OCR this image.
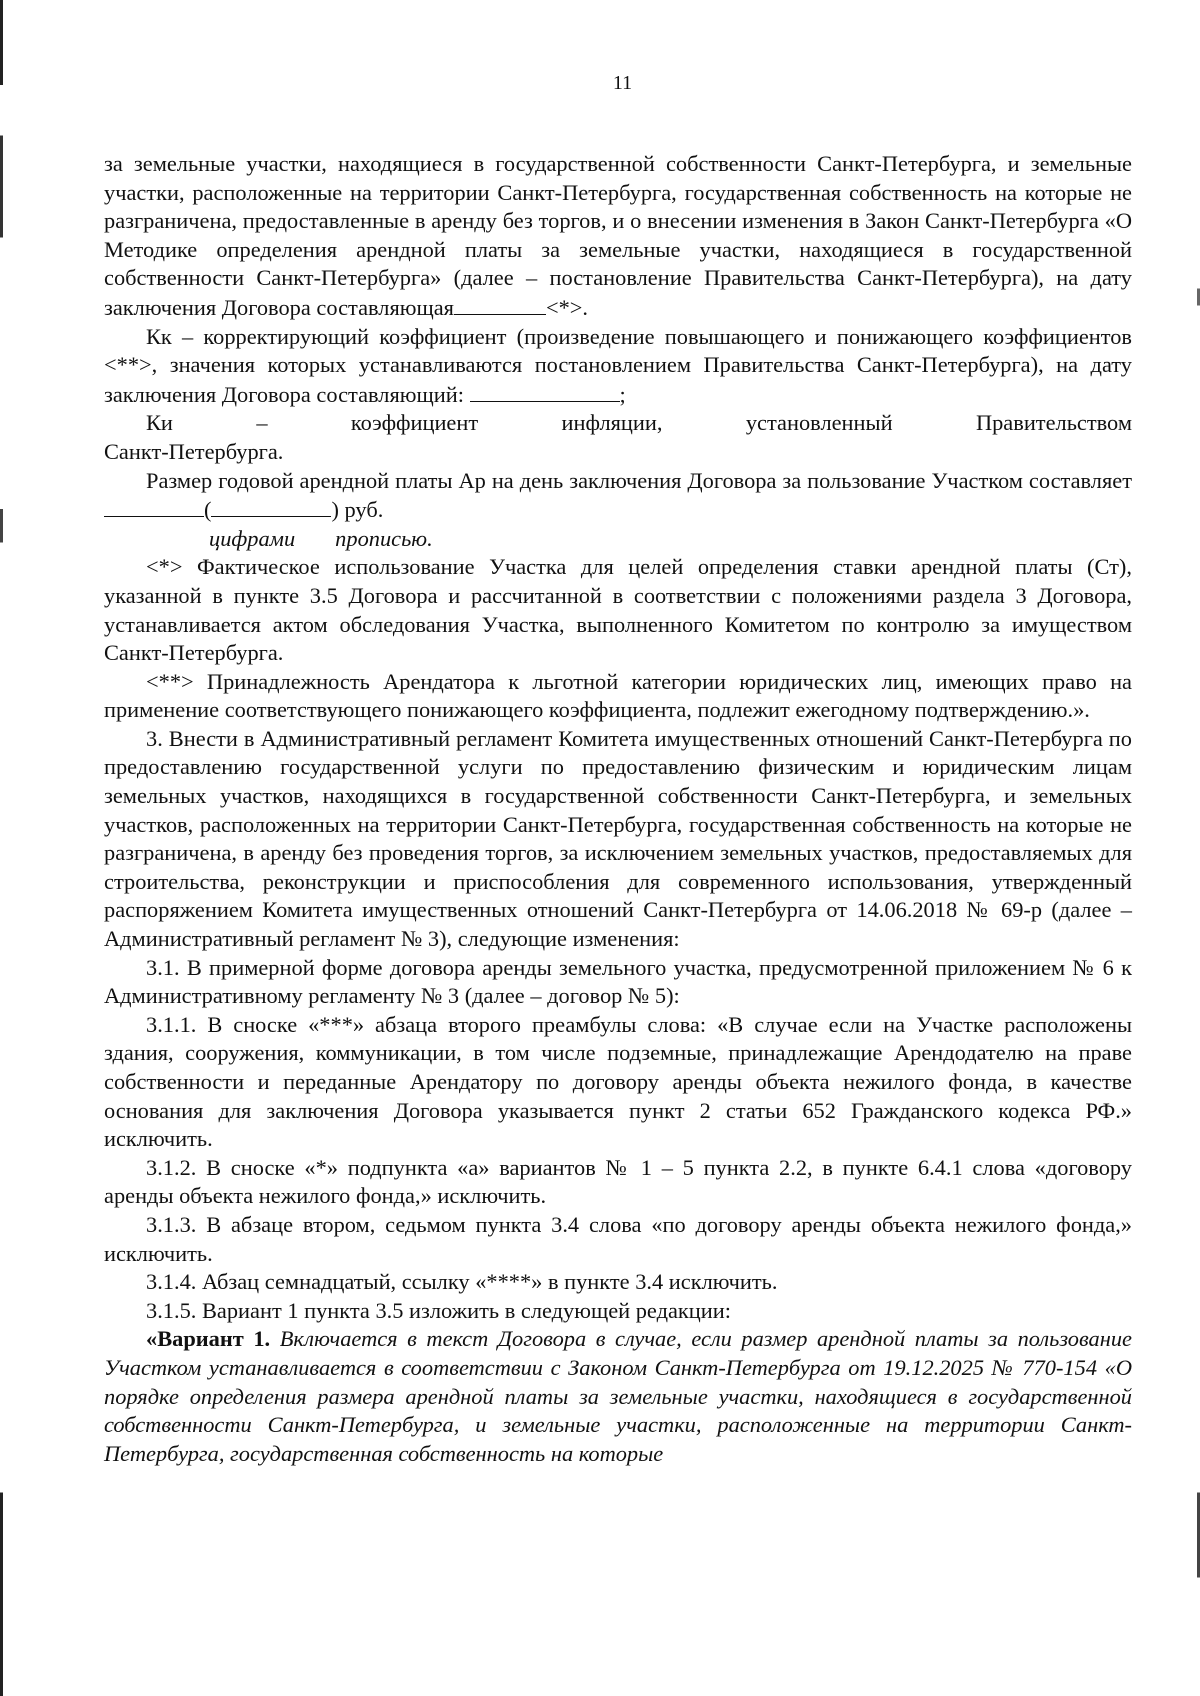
11

за земельные участки, находящиеся в государственной собственности Санкт-Петербурга, и земельные участки, расположенные на территории Санкт-Петербурга, государственная собственность на которые не разграничена, предоставленные в аренду без торгов, и о внесении изменения в Закон Санкт-Петербурга «О Методике определения арендной платы за земельные участки, находящиеся в государственной собственности Санкт-Петербурга» (далее – постановление Правительства Санкт-Петербурга), на дату заключения Договора составляющая	<*>.

Кк – корректирующий коэффициент (произведение повышающего и понижающего коэффициентов <**>, значения которых устанавливаются постановлением Правительства Санкт-Петербурга), на дату заключения Договора составляющий:	;

Ки	–	коэффициент	инфляции,	установленный	Правительством

Санкт-Петербурга.

Размер годовой арендной платы Ар на день заключения Договора за пользование Участком составляет(	) руб.

цифрами прописью.

<*> Фактическое использование Участка для целей определения ставки арендной платы (Ст), указанной в пункте 3.5 Договора и рассчитанной в соответствии с положениями раздела 3 Договора, устанавливается актом обследования Участка, выполненного Комитетом по контролю за имуществом Санкт-Петербурга.

<**> Принадлежность Арендатора к льготной категории юридических лиц, имеющих право на применение соответствующего понижающего коэффициента, подлежит ежегодному подтверждению.».

3. Внести в Административный регламент Комитета имущественных отношений Санкт-Петербурга по предоставлению государственной услуги по предоставлению физическим и юридическим лицам земельных участков, находящихся в государственной собственности Санкт-Петербурга, и земельных участков, расположенных на территории Санкт-Петербурга, государственная собственность на которые не разграничена, в аренду без проведения торгов, за исключением земельных участков, предоставляемых для строительства, реконструкции и приспособления для современного использования, утвержденный распоряжением Комитета имущественных отношений Санкт-Петербурга от 14.06.2018 № 69-р (далее – Административный регламент № 3), следующие изменения:

3.1. В примерной форме договора аренды земельного участка, предусмотренной приложением № 6 к Административному регламенту № 3 (далее – договор № 5):

3.1.1. В сноске «***» абзаца второго преамбулы слова: «В случае если на Участке расположены здания, сооружения, коммуникации, в том числе подземные, принадлежащие Арендодателю на праве собственности и переданные Арендатору по договору аренды объекта нежилого фонда, в качестве основания для заключения Договора указывается пункт 2 статьи 652 Гражданского кодекса РФ.» исключить.

3.1.2. В сноске «*» подпункта «а» вариантов № 1 – 5 пункта 2.2, в пункте 6.4.1 слова «договору аренды объекта нежилого фонда,» исключить.

3.1.3. В абзаце втором, седьмом пункта 3.4 слова «по договору аренды объекта нежилого фонда,» исключить.

3.1.4. Абзац семнадцатый, ссылку «****» в пункте 3.4 исключить.

3.1.5. Вариант 1 пункта 3.5 изложить в следующей редакции:

«Вариант 1. Включается в текст Договора в случае, если размер арендной платы за пользование Участком устанавливается в соответствии с Законом Санкт-Петербурга от 19.12.2025 № 770-154 «О порядке определения размера арендной платы за земельные участки, находящиеся в государственной собственности Санкт-Петербурга, и земельные участки, расположенные на территории Санкт-Петербурга, государственная собственность на которые
